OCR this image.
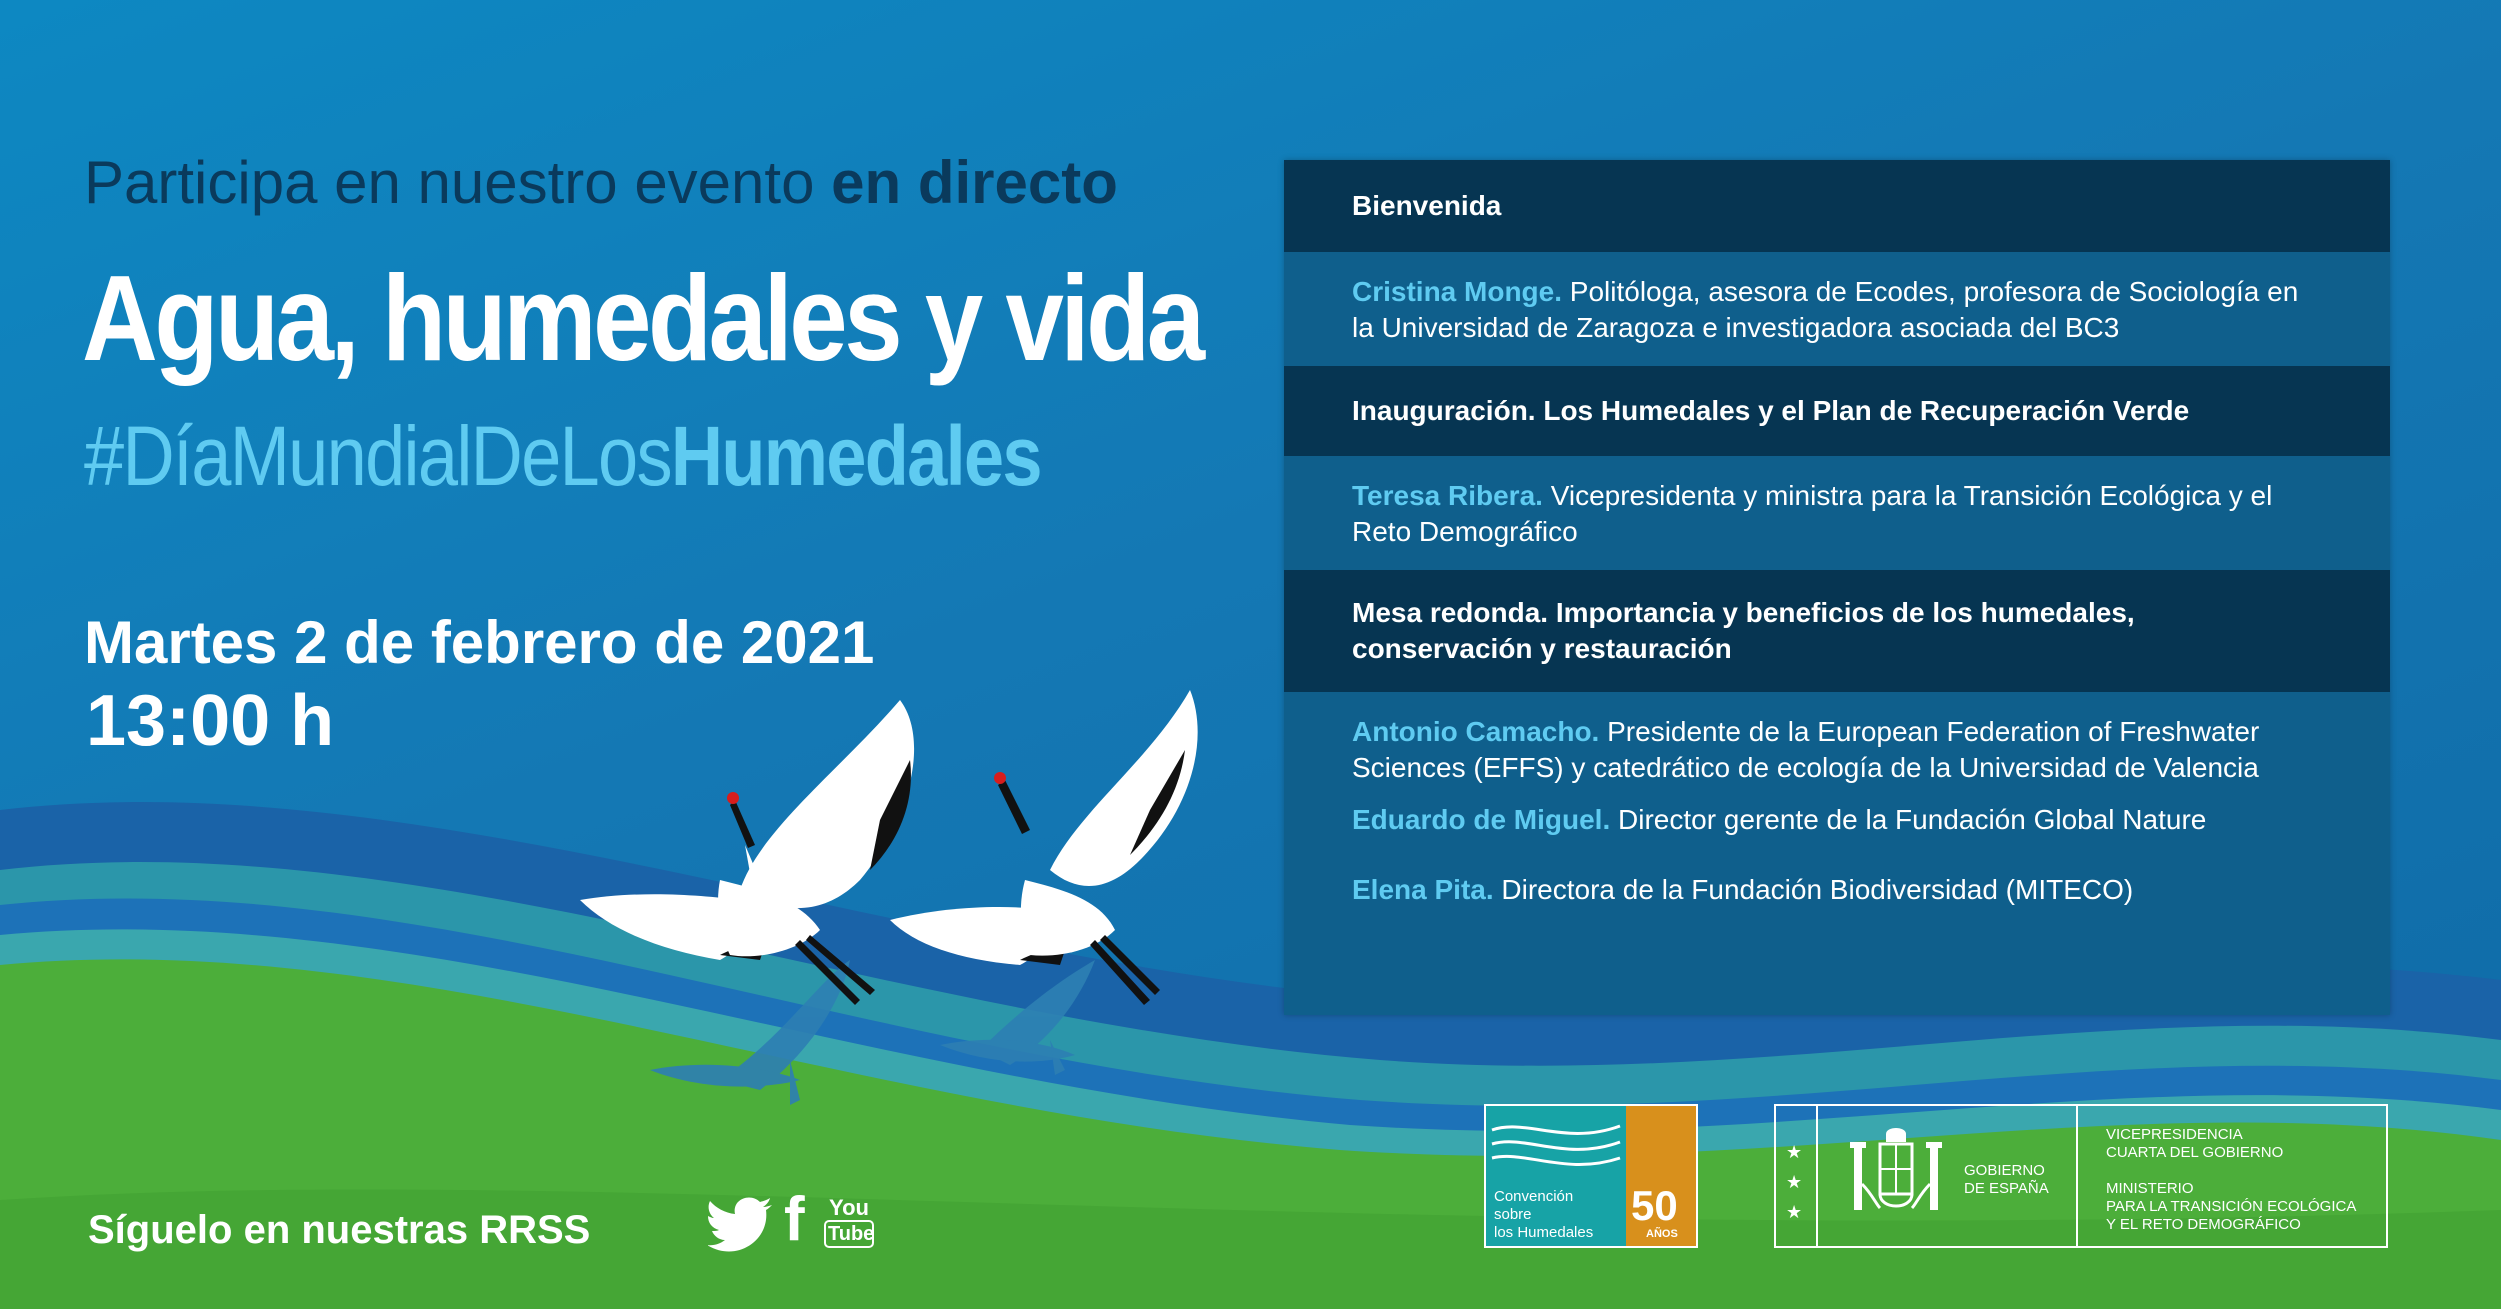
Participa en nuestro evento en directo
Agua, humedales y vida
#DíaMundialDeLosHumedales
Martes 2 de febrero de 2021
13:00 h
Bienvenida
Cristina Monge. Politóloga, asesora de Ecodes, profesora de Sociología en
la Universidad de Zaragoza e investigadora asociada del BC3
Inauguración. Los Humedales y el Plan de Recuperación Verde
Teresa Ribera. Vicepresidenta y ministra para la Transición Ecológica y el
Reto Demográfico
Mesa redonda. Importancia y beneficios de los humedales,
conservación y restauración
Antonio Camacho. Presidente de la European Federation of Freshwater
Sciences (EFFS) y catedrático de ecología de la Universidad de Valencia
Eduardo de Miguel. Director gerente de la Fundación Global Nature
Elena Pita. Directora de la Fundación Biodiversidad (MITECO)
Síguelo en nuestras RRSS	f	You
Tube
Convención
sobre
los Humedales
50
AÑOS
★
★
★
GOBIERNO
DE ESPAÑA
VICEPRESIDENCIA
CUARTA DEL GOBIERNO
MINISTERIO
PARA LA TRANSICIÓN ECOLÓGICA
Y EL RETO DEMOGRÁFICO
